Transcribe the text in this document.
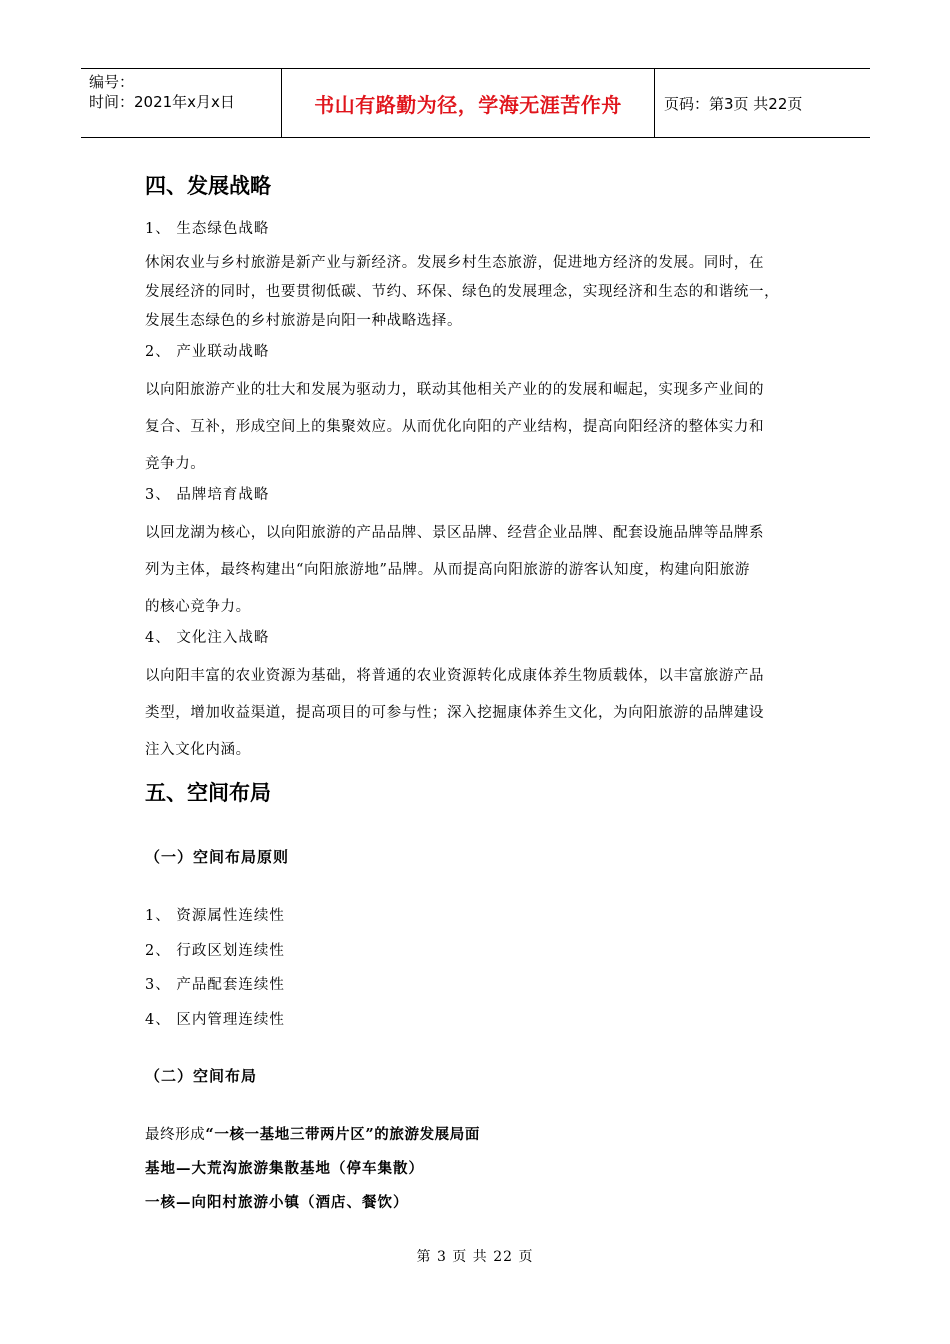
编号：
时间：2021年x月x日	书山有路勤为径，学海无涯苦作舟	页码：第3页 共22页
四、发展战略
1、 生态绿色战略

休闲农业与乡村旅游是新产业与新经济。发展乡村生态旅游，促进地方经济的发展。同时，在

发展经济的同时，也要贯彻低碳、节约、环保、绿色的发展理念，实现经济和生态的和谐统一，

发展生态绿色的乡村旅游是向阳一种战略选择。

2、 产业联动战略

以向阳旅游产业的壮大和发展为驱动力，联动其他相关产业的的发展和崛起，实现多产业间的

复合、互补，形成空间上的集聚效应。从而优化向阳的产业结构，提高向阳经济的整体实力和

竞争力。

3、 品牌培育战略

以回龙湖为核心，以向阳旅游的产品品牌、景区品牌、经营企业品牌、配套设施品牌等品牌系

列为主体，最终构建出“向阳旅游地”品牌。从而提高向阳旅游的游客认知度，构建向阳旅游

的核心竞争力。

4、 文化注入战略

以向阳丰富的农业资源为基础，将普通的农业资源转化成康体养生物质载体，以丰富旅游产品

类型，增加收益渠道，提高项目的可参与性；深入挖掘康体养生文化，为向阳旅游的品牌建设

注入文化内涵。

五、空间布局
（一）空间布局原则
1、 资源属性连续性
2、 行政区划连续性
3、 产品配套连续性
4、 区内管理连续性
（二）空间布局
最终形成“一核一基地三带两片区”的旅游发展局面
基地—大荒沟旅游集散基地（停车集散）
一核—向阳村旅游小镇（酒店、餐饮）
第 3 页 共 22 页
